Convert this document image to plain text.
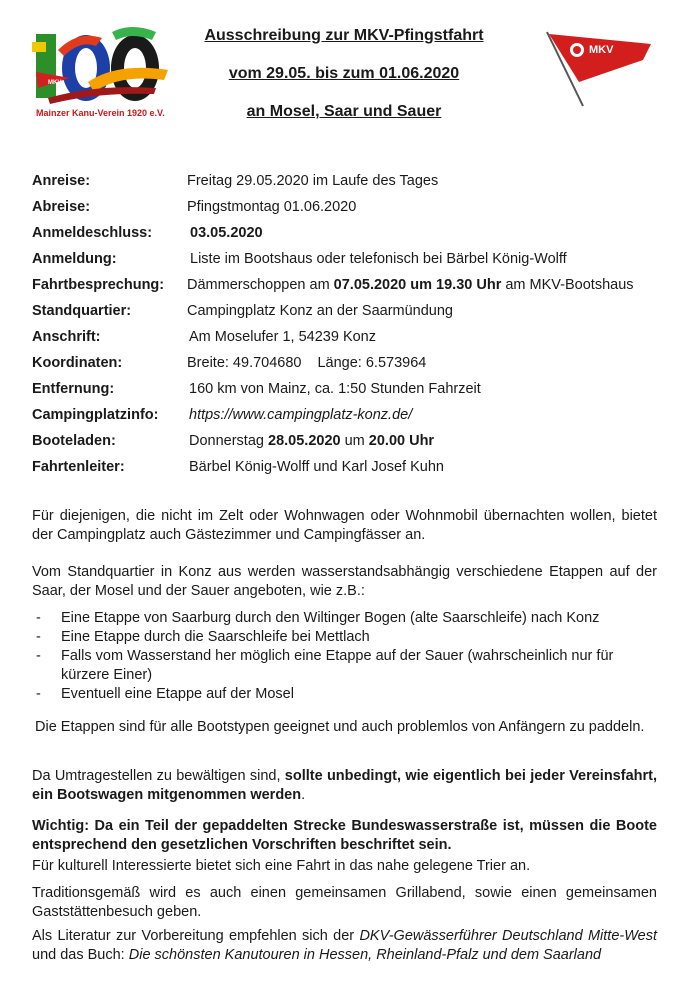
MKV
Mainzer Kanu-Verein 1920 e.V.
MKV
Ausschreibung zur MKV-Pfingstfahrt
vom 29.05. bis zum 01.06.2020
an Mosel, Saar und Sauer
Anreise:	Freitag 29.05.2020 im Laufe des Tages
Abreise:	Pfingstmontag 01.06.2020
Anmeldeschluss:	03.05.2020
Anmeldung:	Liste im Bootshaus oder telefonisch bei Bärbel König-Wolff
Fahrtbesprechung:	Dämmerschoppen am 07.05.2020 um 19.30 Uhr am MKV-Bootshaus
Standquartier:	Campingplatz Konz an der Saarmündung
Anschrift:	Am Moselufer 1, 54239 Konz
Koordinaten:	Breite: 49.704680 Länge: 6.573964
Entfernung:	160 km von Mainz, ca. 1:50 Stunden Fahrzeit
Campingplatzinfo:	https://www.campingplatz-konz.de/
Booteladen:	Donnerstag 28.05.2020 um 20.00 Uhr
Fahrtenleiter:	Bärbel König-Wolff und Karl Josef Kuhn
Für diejenigen, die nicht im Zelt oder Wohnwagen oder Wohnmobil übernachten wollen, bietet der Campingplatz auch Gästezimmer und Campingfässer an.
Vom Standquartier in Konz aus werden wasserstandsabhängig verschiedene Etappen auf der Saar, der Mosel und der Sauer angeboten, wie z.B.:
-	Eine Etappe von Saarburg durch den Wiltinger Bogen (alte Saarschleife) nach Konz
-	Eine Etappe durch die Saarschleife bei Mettlach
-	Falls vom Wasserstand her möglich eine Etappe auf der Sauer (wahrscheinlich nur für kürzere Einer)
-	Eventuell eine Etappe auf der Mosel
Die Etappen sind für alle Bootstypen geeignet und auch problemlos von Anfängern zu paddeln.
Da Umtragestellen zu bewältigen sind, sollte unbedingt, wie eigentlich bei jeder Vereinsfahrt, ein Bootswagen mitgenommen werden.
Wichtig: Da ein Teil der gepaddelten Strecke Bundeswasserstraße ist, müssen die Boote entsprechend den gesetzlichen Vorschriften beschriftet sein.
Für kulturell Interessierte bietet sich eine Fahrt in das nahe gelegene Trier an.
Traditionsgemäß wird es auch einen gemeinsamen Grillabend, sowie einen gemeinsamen Gaststättenbesuch geben.
Als Literatur zur Vorbereitung empfehlen sich der DKV-Gewässerführer Deutschland Mitte-West und das Buch: Die schönsten Kanutouren in Hessen, Rheinland-Pfalz und dem Saarland
